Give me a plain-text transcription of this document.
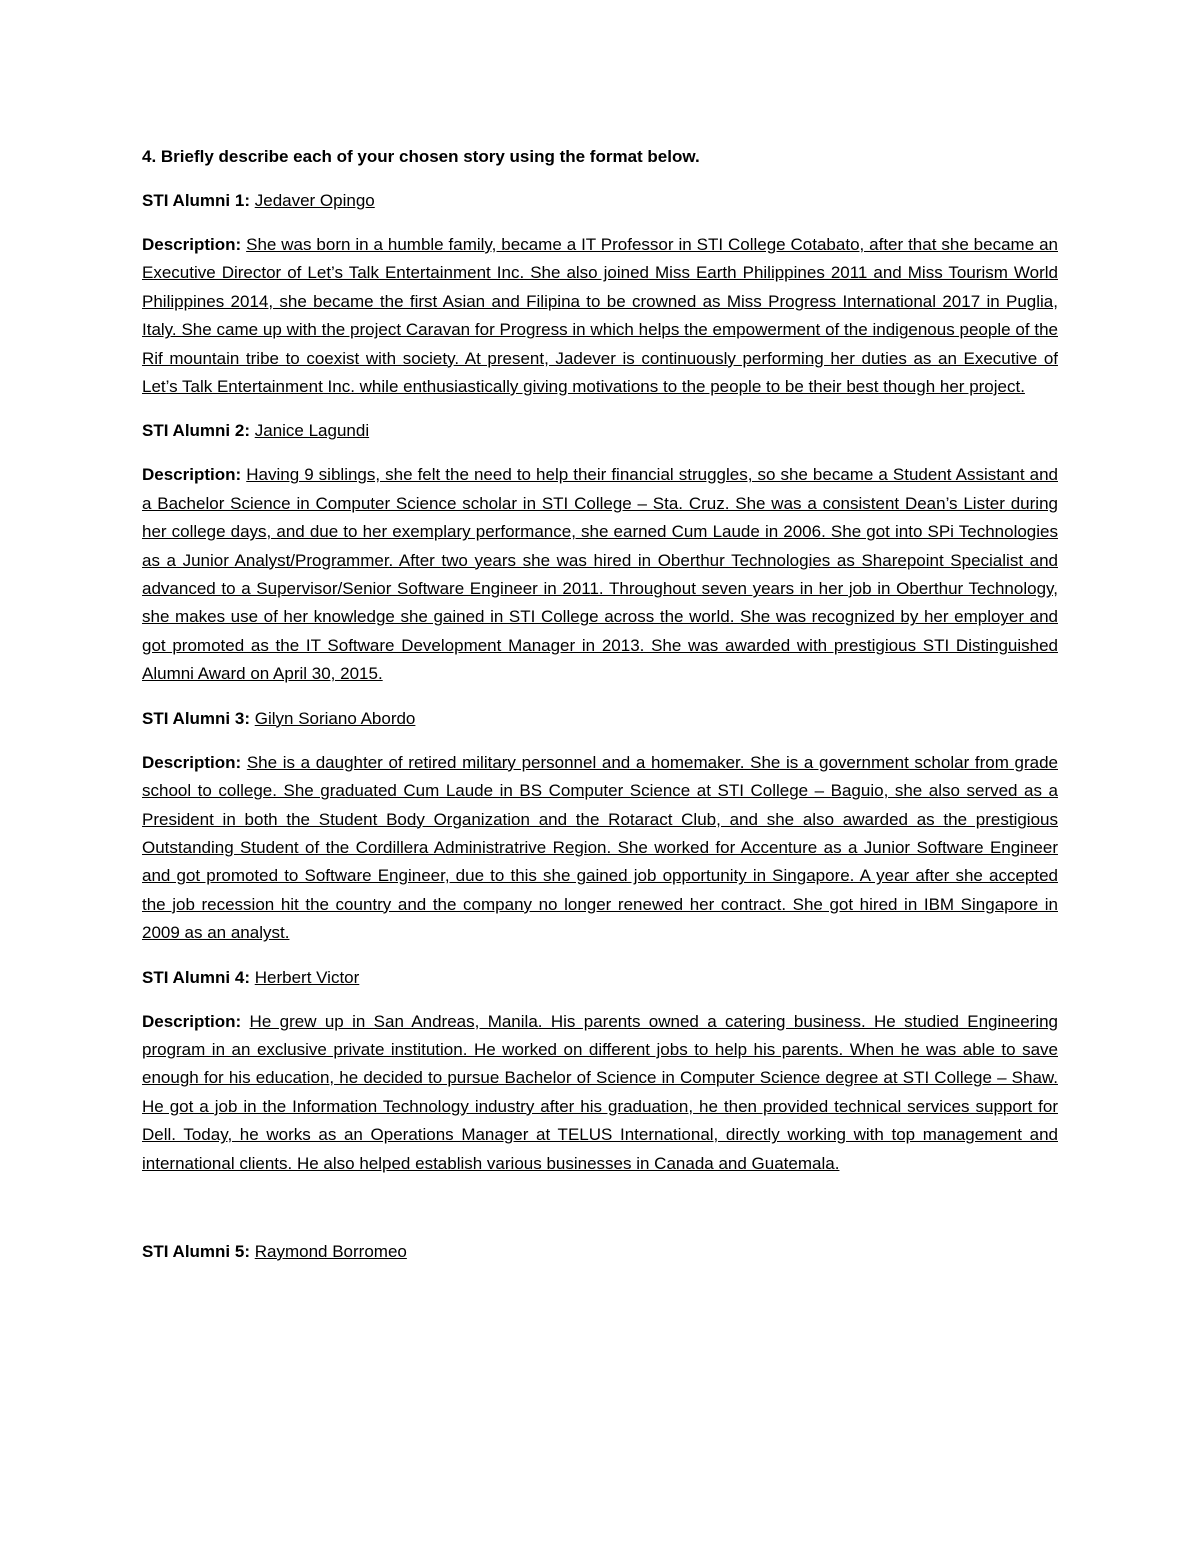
4. Briefly describe each of your chosen story using the format below.

STI Alumni 1: Jedaver Opingo

Description: She was born in a humble family, became a IT Professor in STI College Cotabato, after that she became an Executive Director of Let’s Talk Entertainment Inc. She also joined Miss Earth Philippines 2011 and Miss Tourism World Philippines 2014, she became the first Asian and Filipina to be crowned as Miss Progress International 2017 in Puglia, Italy. She came up with the project Caravan for Progress in which helps the empowerment of the indigenous people of the Rif mountain tribe to coexist with society. At present, Jadever is continuously performing her duties as an Executive of Let’s Talk Entertainment Inc. while enthusiastically giving motivations to the people to be their best though her project.

STI Alumni 2: Janice Lagundi

Description: Having 9 siblings, she felt the need to help their financial struggles, so she became a Student Assistant and a Bachelor Science in Computer Science scholar in STI College – Sta. Cruz. She was a consistent Dean’s Lister during her college days, and due to her exemplary performance, she earned Cum Laude in 2006. She got into SPi Technologies as a Junior Analyst/Programmer. After two years she was hired in Oberthur Technologies as Sharepoint Specialist and advanced to a Supervisor/Senior Software Engineer in 2011. Throughout seven years in her job in Oberthur Technology, she makes use of her knowledge she gained in STI College across the world. She was recognized by her employer and got promoted as the IT Software Development Manager in 2013. She was awarded with prestigious STI Distinguished Alumni Award on April 30, 2015.

STI Alumni 3: Gilyn Soriano Abordo

Description: She is a daughter of retired military personnel and a homemaker. She is a government scholar from grade school to college. She graduated Cum Laude in BS Computer Science at STI College – Baguio, she also served as a President in both the Student Body Organization and the Rotaract Club, and she also awarded as the prestigious Outstanding Student of the Cordillera Administratrive Region. She worked for Accenture as a Junior Software Engineer and got promoted to Software Engineer, due to this she gained job opportunity in Singapore. A year after she accepted the job recession hit the country and the company no longer renewed her contract. She got hired in IBM Singapore in 2009 as an analyst.

STI Alumni 4: Herbert Victor

Description: He grew up in San Andreas, Manila. His parents owned a catering business. He studied Engineering program in an exclusive private institution. He worked on different jobs to help his parents. When he was able to save enough for his education, he decided to pursue Bachelor of Science in Computer Science degree at STI College – Shaw. He got a job in the Information Technology industry after his graduation, he then provided technical services support for Dell. Today, he works as an Operations Manager at TELUS International, directly working with top management and international clients. He also helped establish various businesses in Canada and Guatemala.

STI Alumni 5: Raymond Borromeo
